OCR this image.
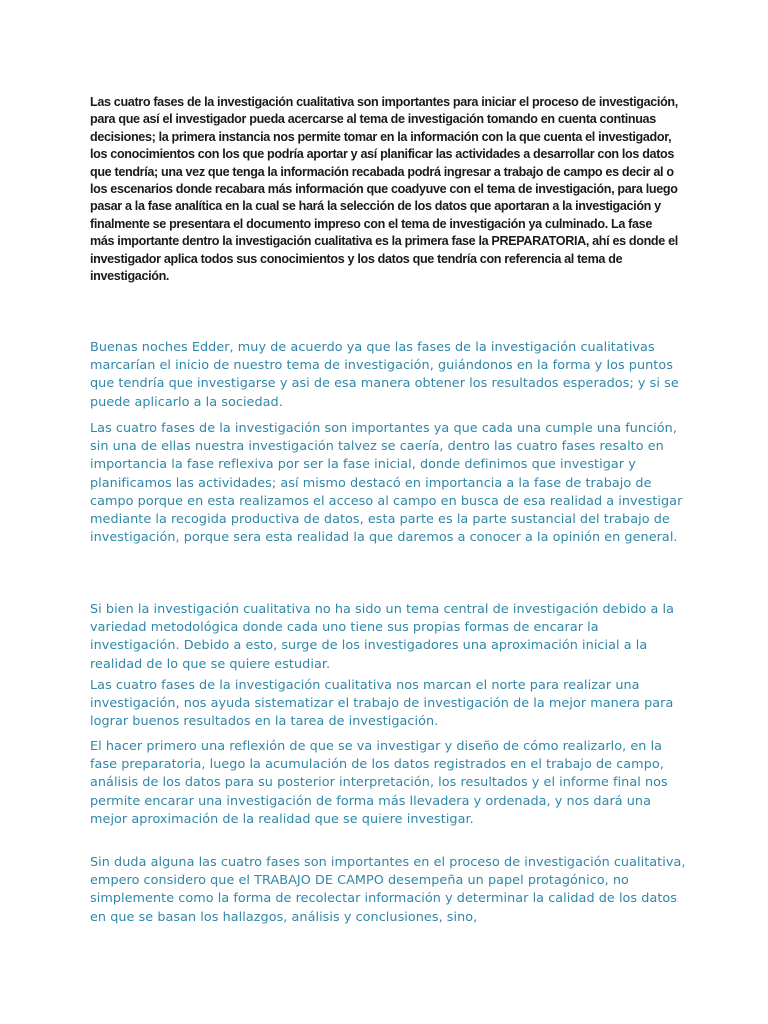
Las cuatro fases de la investigación cualitativa son importantes para iniciar el proceso de investigación, para que así el investigador pueda acercarse al tema de investigación tomando en cuenta continuas decisiones; la primera instancia nos permite tomar en la información con la que cuenta el investigador, los conocimientos con los que podría aportar y así planificar las actividades a desarrollar con los datos que tendría; una vez que tenga la información recabada podrá ingresar a trabajo de campo es decir al o los escenarios donde recabara más información que coadyuve con el tema de investigación, para luego pasar a la fase analítica en la cual se hará la selección de los datos que aportaran a la investigación y finalmente se presentara el documento impreso con el tema de investigación ya culminado. La fase más importante dentro la investigación cualitativa es la primera fase la PREPARATORIA, ahí es donde el investigador aplica todos sus conocimientos y los datos que tendría con referencia al tema de investigación.

Buenas noches Edder, muy de acuerdo ya que las fases de la investigación cualitativas marcarían el inicio de nuestro tema de investigación, guiándonos en la forma y los puntos que tendría que investigarse y asi de esa manera obtener los resultados esperados; y si se puede aplicarlo a la sociedad.

Las cuatro fases de la investigación son importantes ya que cada una cumple una función, sin una de ellas nuestra investigación talvez se caería, dentro las cuatro fases resalto en importancia la fase reflexiva por ser la fase inicial, donde definimos que investigar y planificamos las actividades; así mismo destacó en importancia a la fase de trabajo de campo porque en esta realizamos el acceso al campo en busca de esa realidad a investigar mediante la recogida productiva de datos, esta parte es la parte sustancial del trabajo de investigación, porque sera esta realidad la que daremos a conocer a la opinión en general.

Si bien la investigación cualitativa no ha sido un tema central de investigación debido a la variedad metodológica donde cada uno tiene sus propias formas de encarar la investigación. Debido a esto, surge de los investigadores una aproximación inicial a la realidad de lo que se quiere estudiar.

Las cuatro fases de la investigación cualitativa nos marcan el norte para realizar una investigación, nos ayuda sistematizar el trabajo de investigación de la mejor manera para lograr buenos resultados en la tarea de investigación.

El hacer primero una reflexión de que se va investigar y diseño de cómo realizarlo, en la fase preparatoria, luego la acumulación de los datos registrados en el trabajo de campo, análisis de los datos para su posterior interpretación, los resultados y el informe final nos permite encarar una investigación de forma más llevadera y ordenada, y nos dará una mejor aproximación de la realidad que se quiere investigar.

Sin duda alguna las cuatro fases son importantes en el proceso de investigación cualitativa, empero considero que el TRABAJO DE CAMPO desempeña un papel protagónico, no simplemente como la forma de recolectar información y determinar la calidad de los datos en que se basan los hallazgos, análisis y conclusiones, sino,
